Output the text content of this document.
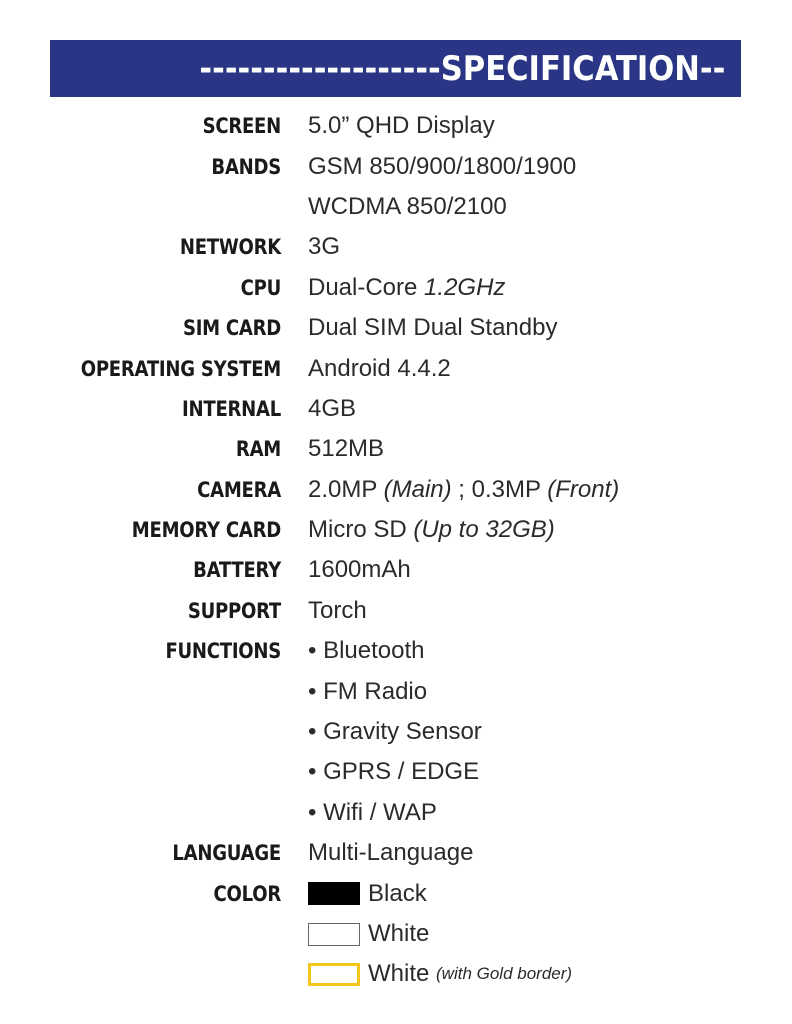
-------------------SPECIFICATION--
SCREEN 5.0” QHD Display
BANDS GSM 850/900/1800/1900
WCDMA 850/2100
NETWORK 3G
CPU Dual-Core 1.2GHz
SIM CARD Dual SIM Dual Standby
OPERATING SYSTEM Android 4.4.2
INTERNAL 4GB
RAM 512MB
CAMERA 2.0MP (Main) ; 0.3MP (Front)
MEMORY CARD Micro SD (Up to 32GB)
BATTERY 1600mAh
SUPPORT Torch
FUNCTIONS • Bluetooth
• FM Radio
• Gravity Sensor
• GPRS / EDGE
• Wifi / WAP
LANGUAGE Multi-Language
COLOR	Black
White
White (with Gold border)
